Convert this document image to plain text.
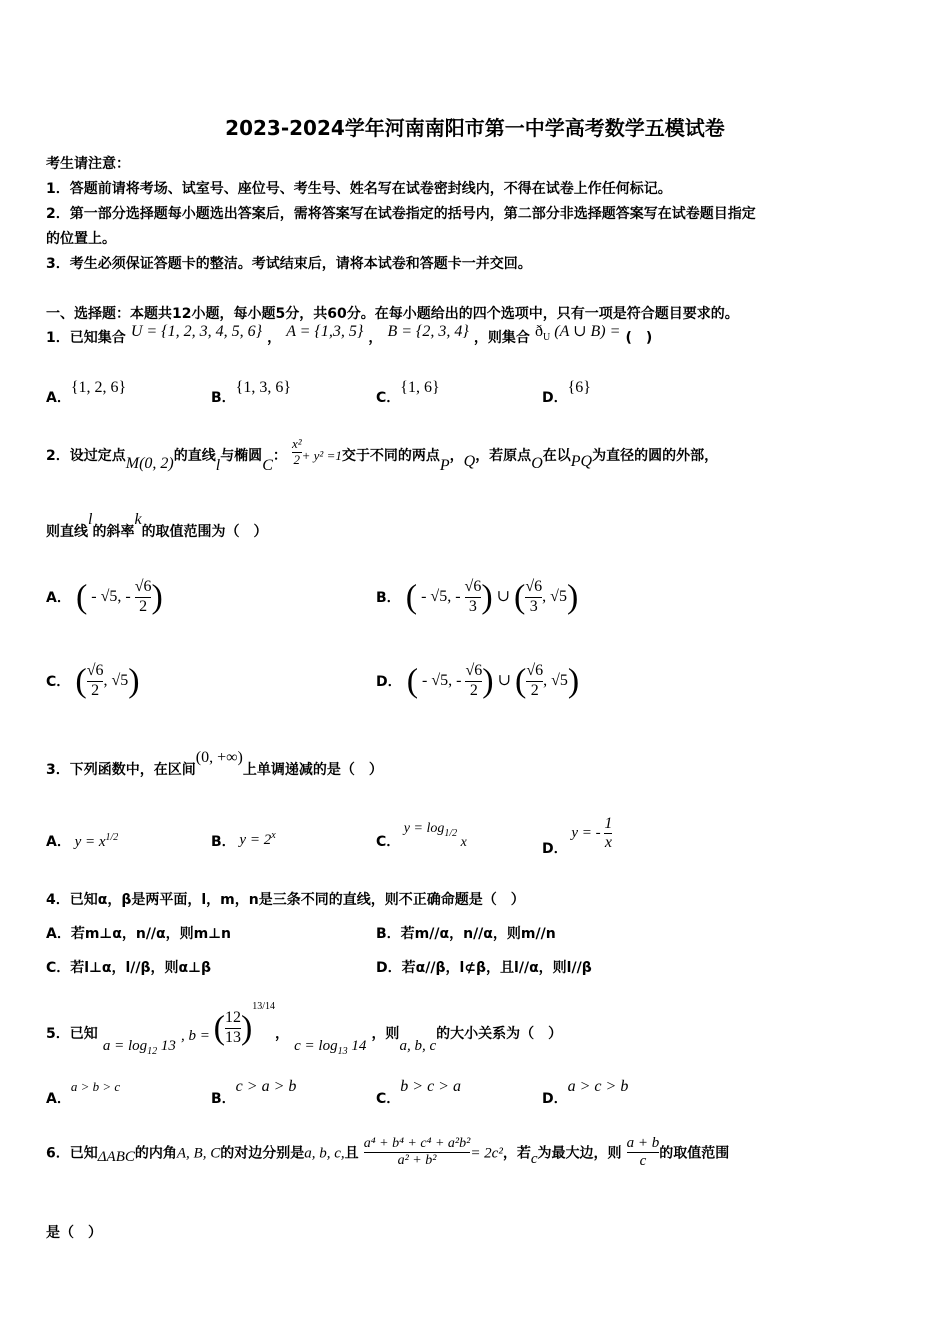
2023-2024学年河南南阳市第一中学高考数学五模试卷
考生请注意：
1．答题前请将考场、试室号、座位号、考生号、姓名写在试卷密封线内，不得在试卷上作任何标记。
2．第一部分选择题每小题选出答案后，需将答案写在试卷指定的括号内，第二部分非选择题答案写在试卷题目指定
的位置上。
3．考生必须保证答题卡的整洁。考试结束后，请将本试卷和答题卡一并交回。
一、选择题：本题共12小题，每小题5分，共60分。在每小题给出的四个选项中，只有一项是符合题目要求的。
1．已知集合 U = {1, 2, 3, 4, 5, 6} ， A = {1,3, 5} ， B = {2, 3, 4} ，则集合 $ð_U$ (A ∪ B) = (　)
A．{1, 2, 6}
B．{1, 3, 6}
C．{1, 6}
D．{6}
2．设过定点M(0, 2)的直线l与椭圆C： $\frac{\text{x²}}{2} + y^2 =1$交于不同的两点P，Q，若原点O在以PQ为直径的圆的外部，
则直线l的斜率k的取值范围为（　）
A． ( - √5, - $\frac{√6}{2}$ )	B． ( - √5, - $\frac{√6}{3}$ ) ∪ ( $\frac{√6}{3}$ , √5)
C． ( $\frac{√6}{2}$ , √5)	D． ( - √5, - $\frac{√6}{2}$ ) ∪ ( $\frac{√6}{2}$ , √5)
3．下列函数中，在区间(0, +∞)上单调递减的是（　）
A． $y = x^{1/2}$	B． $y = 2^x$	C． $y = \log_{1/2} x$	D． y = - $\frac{1}{x}$
4．已知α，β是两平面，l，m，n是三条不同的直线，则不正确命题是（　）
A．若m⊥α，n//α，则m⊥n	B．若m//α，n//α，则m//n
C．若l⊥α，l//β，则α⊥β	D．若α//β，l⊄β，且l//α，则l//β
5．已知 $a = \log_{12} 13$ , b = ( $\frac{12}{13} )^{13/14}$， $c = \log_{13} 14$ ，则a, b, c的大小关系为（　）
A．$^{a > b > c}$
B．c > a > b
C．b > c > a
D．a > c > b
6．已知ΔABC的内角A, B, C的对边分别是a, b, c,且 $\frac{\text{a⁴ + b⁴ + c⁴ + a²b²}}{\text{a² + b²}} = 2c^2$，若c为最大边，则 $\frac{a + b}{c}$ 的取值范围
是（　）
